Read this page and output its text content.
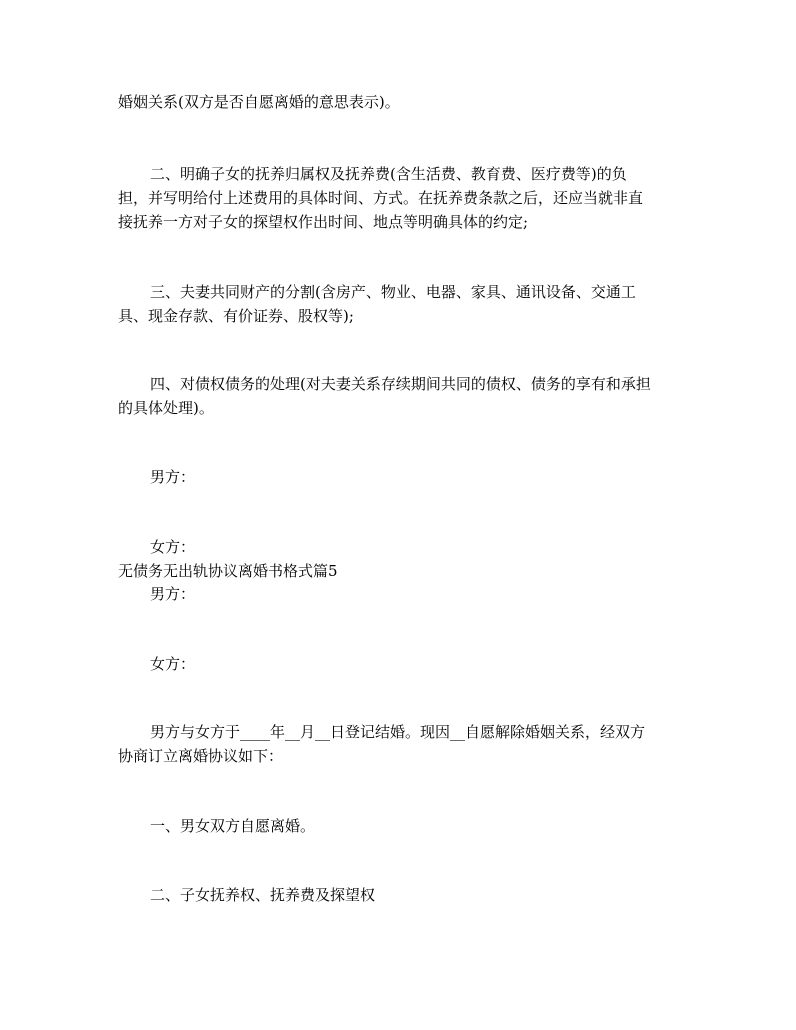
婚姻关系(双方是否自愿离婚的意思表示)。
二、明确子女的抚养归属权及抚养费(含生活费、教育费、医疗费等)的负
担，并写明给付上述费用的具体时间、方式。在抚养费条款之后，还应当就非直
接抚养一方对子女的探望权作出时间、地点等明确具体的约定;
三、夫妻共同财产的分割(含房产、物业、电器、家具、通讯设备、交通工
具、现金存款、有价证券、股权等);
四、对债权债务的处理(对夫妻关系存续期间共同的债权、债务的享有和承担
的具体处理)。
男方：
女方：
无债务无出轨协议离婚书格式篇5
男方：
女方：
男方与女方于____年__月__日登记结婚。现因__自愿解除婚姻关系，经双方
协商订立离婚协议如下：
一、男女双方自愿离婚。
二、子女抚养权、抚养费及探望权
